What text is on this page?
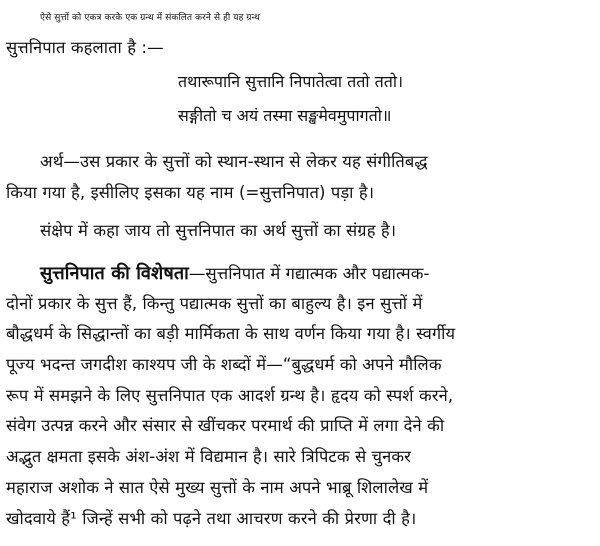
ऐसे सुत्तों को एकत्र करके एक ग्रन्थ में संकलित करने से ही यह ग्रन्थ
सुत्तनिपात कहलाता है :—
तथारूपानि सुत्तानि निपातेत्वा ततो ततो।
सङ्गीतो च अयं तस्मा सङ्खमेवमुपागतो॥
अर्थ—उस प्रकार के सुत्तों को स्थान-स्थान से लेकर यह संगीतिबद्ध
किया गया है, इसीलिए इसका यह नाम (=सुत्तनिपात) पड़ा है।
संक्षेप में कहा जाय तो सुत्तनिपात का अर्थ सुत्तों का संग्रह है।
सुत्तनिपात की विशेषता—सुत्तनिपात में गद्यात्मक और पद्यात्मक-
दोनों प्रकार के सुत्त हैं, किन्तु पद्यात्मक सुत्तों का बाहुल्य है। इन सुत्तों में
बौद्धधर्म के सिद्धान्तों का बड़ी मार्मिकता के साथ वर्णन किया गया है। स्वर्गीय
पूज्य भदन्त जगदीश काश्यप जी के शब्दों में—“बुद्धधर्म को अपने मौलिक
रूप में समझने के लिए सुत्तनिपात एक आदर्श ग्रन्थ है। हृदय को स्पर्श करने,
संवेग उत्पन्न करने और संसार से खींचकर परमार्थ की प्राप्ति में लगा देने की
अद्भुत क्षमता इसके अंश-अंश में विद्यमान है। सारे त्रिपिटक से चुनकर
महाराज अशोक ने सात ऐसे मुख्य सुत्तों के नाम अपने भाब्रू शिलालेख में
खोदवाये हैं¹ जिन्हें सभी को पढ़ने तथा आचरण करने की प्रेरणा दी है।
